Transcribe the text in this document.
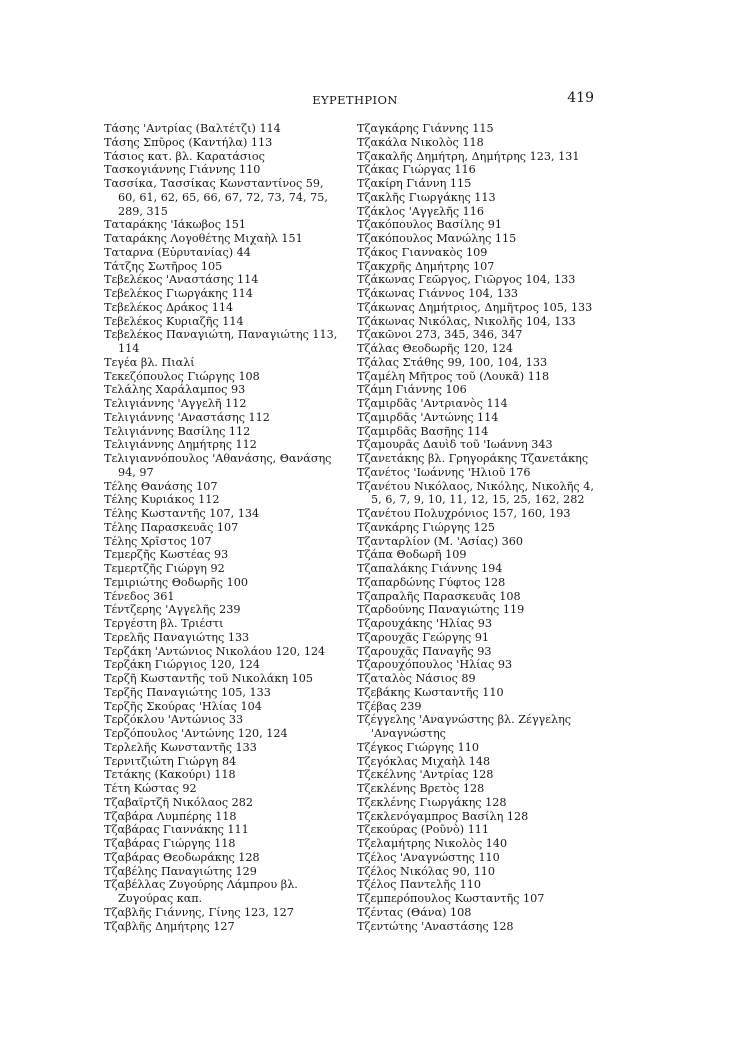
ΕΥΡΕΤΗΡΙΟΝ	419
Τάσης 'Αντρίας (Βαλτέτζι) 114
Τάσης Σπῦρος (Καντήλα) 113
Τάσιος κατ. βλ. Καρατάσιος
Τασκογιάννης Γιάννης 110
Τασσίκα, Τασσίκας Κωνσταντίνος 59, 60, 61, 62, 65, 66, 67, 72, 73, 74, 75, 289, 315
Ταταράκης 'Ιάκωβος 151
Ταταράκης Λογοθέτης Μιχαὴλ 151
Ταταρνα (Εὐρυτανίας) 44
Τάτζης Σωτῆρος 105
Τεβελέκος 'Αναστάσης 114
Τεβελέκος Γιωργάκης 114
Τεβελέκος Δράκος 114
Τεβελέκος Κυριαζῆς 114
Τεβελέκος Παναγιώτη, Παναγιώτης 113, 114
Τεγέα βλ. Πιαλί
Τεκεζόπουλος Γιώργης 108
Τελάλης Χαράλαμπος 93
Τελιγιάννης 'Αγγελῆ 112
Τελιγιάννης 'Αναστάσης 112
Τελιγιάννης Βασίλης 112
Τελιγιάννης Δημήτρης 112
Τελιγιαννόπουλος 'Αθανάσης, Θανάσης 94, 97
Τέλης Θανάσης 107
Τέλης Κυριάκος 112
Τέλης Κωσταντῆς 107, 134
Τέλης Παρασκευᾶς 107
Τέλης Χρῖστος 107
Τεμερζῆς Κωστέας 93
Τεμερτζῆς Γιώργη 92
Τεμιριώτης Θοδωρῆς 100
Τένεδος 361
Τέντζερης 'Αγγελῆς 239
Τεργέστη βλ. Τριέστι
Τερελῆς Παναγιώτης 133
Τερζάκη 'Αντώνιος Νικολάου 120, 124
Τερζάκη Γιώργιος 120, 124
Τερζῆ Κωσταντῆς τοῦ Νικολάκη 105
Τερζῆς Παναγιώτης 105, 133
Τερζῆς Σκούρας 'Ηλίας 104
Τερζόκλου 'Αντώνιος 33
Τερζόπουλος 'Αντώνης 120, 124
Τερλελῆς Κωνσταντῆς 133
Τερνιτζιώτη Γιώργη 84
Τετάκης (Κακούρι) 118
Τέτη Κώστας 92
Τζαβαϊρτζῆ Νικόλαος 282
Τζαβάρα Λυμπέρης 118
Τζαβάρας Γιαννάκης 111
Τζαβάρας Γιώργης 118
Τζαβάρας Θεοδωράκης 128
Τζαβέλης Παναγιώτης 129
Τζαβέλλας Ζυγούρης Λάμπρου βλ. Ζυγούρας καπ.
Τζαβλῆς Γιάννης, Γίνης 123, 127
Τζαβλῆς Δημήτρης 127
Τζαγκάρης Γιάννης 115
Τζακάλα Νικολὸς 118
Τζακαλῆς Δημήτρη, Δημήτρης 123, 131
Τζάκας Γιώργας 116
Τζακίρη Γιάννη 115
Τζακλῆς Γιωργάκης 113
Τζάκλος 'Αγγελῆς 116
Τζακόπουλος Βασίλης 91
Τζακόπουλος Μανώλης 115
Τζάκος Γιαννακὸς 109
Τζακχρῆς Δημήτρης 107
Τζάκωνας Γεῶργος, Γιῶργος 104, 133
Τζάκωνας Γιάννος 104, 133
Τζάκωνας Δημήτριος, Δημῆτρος 105, 133
Τζάκωνας Νικόλας, Νικολῆς 104, 133
Τζακῶνοι 273, 345, 346, 347
Τζάλας Θεοδωρῆς 120, 124
Τζάλας Στάθης 99, 100, 104, 133
Τζαμέλη Μῆτρος τοῦ (Λουκᾶ) 118
Τζάμη Γιάννης 106
Τζαμιρδᾶς 'Αντριανὸς 114
Τζαμιρδᾶς 'Αντώνης 114
Τζαμιρδᾶς Βασῆης 114
Τζαμουρᾶς Δαυὶδ τοῦ 'Ιωάννη 343
Τζανετάκης βλ. Γρηγοράκης Τζανετάκης
Τζανέτος 'Ιωάννης 'Ηλιοῦ 176
Τζανέτου Νικόλαος, Νικόλης, Νικολῆς 4, 5, 6, 7, 9, 10, 11, 12, 15, 25, 162, 282
Τζανέτου Πολυχρόνιος 157, 160, 193
Τζανκάρης Γιώργης 125
Τζανταρλίον (Μ. 'Ασίας) 360
Τζάπα Θοδωρῆ 109
Τζαπαλάκης Γιάννης 194
Τζαπαρδώνης Γύφτος 128
Τζαπραλῆς Παρασκευᾶς 108
Τζαρδούνης Παναγιώτης 119
Τζαρουχάκης 'Ηλίας 93
Τζαρουχᾶς Γεώργης 91
Τζαρουχᾶς Παναγῆς 93
Τζαρουχόπουλος 'Ηλίας 93
Τζαταλὸς Νάσιος 89
Τζεβάκης Κωσταντῆς 110
Τζέβας 239
Τζέγγελης 'Αναγνώστης βλ. Ζέγγελης 'Αναγνώστης
Τζέγκος Γιώργης 110
Τζεγόκλας Μιχαὴλ 148
Τζεκέλνης 'Αντρίας 128
Τζεκλένης Βρετὸς 128
Τζεκλένης Γιωργάκης 128
Τζεκλενόγαμπρος Βασίλη 128
Τζεκούρας (Ροῦνὸ) 111
Τζελαμήτρης Νικολὸς 140
Τζέλος 'Αναγνώστης 110
Τζέλος Νικόλας 90, 110
Τζέλος Παντελῆς 110
Τζεμπερόπουλος Κωσταντῆς 107
Τζέντας (Θάνα) 108
Τζεντώτης 'Αναστάσης 128
